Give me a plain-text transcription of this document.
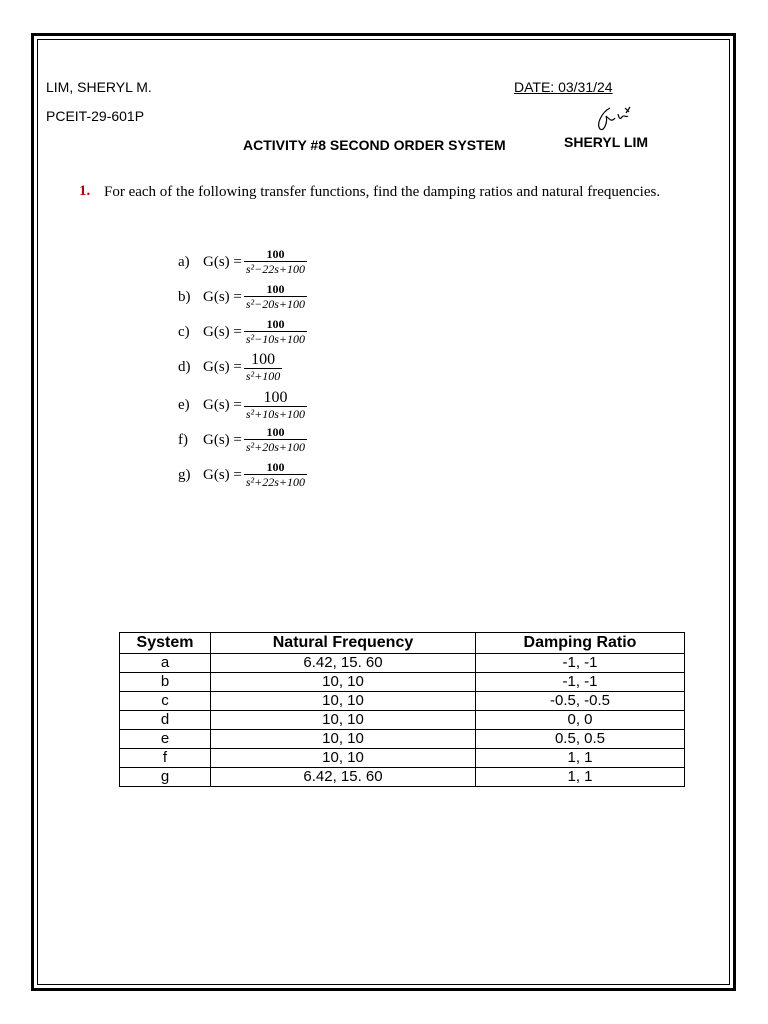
LIM, SHERYL M.
PCEIT-29-601P
DATE: 03/31/24
ACTIVITY #8 SECOND ORDER SYSTEM	SHERYL LIM
1. For each of the following transfer functions, find the damping ratios and natural frequencies.
a) $G(s) = \frac{100}{\text{s²−22s+100}}$
b) $G(s) = \frac{100}{\text{s²−20s+100}}$
c) $G(s) = \frac{100}{\text{s²−10s+100}}$
d) $G(s) = \frac{100}{\text{s²+100}}$
e) $G(s) = \frac{100}{\text{s²+10s+100}}$
f)	$G(s) = \frac{100}{\text{s²+20s+100}}$
g) $G(s) = \frac{100}{\text{s²+22s+100}}$
System	Natural Frequency	Damping Ratio
a	6.42, 15. 60	-1, -1
b	10, 10	-1, -1
c	10, 10	-0.5, -0.5
d	10, 10	0, 0
e	10, 10	0.5, 0.5
f	10, 10	1, 1
g	6.42, 15. 60	1, 1
